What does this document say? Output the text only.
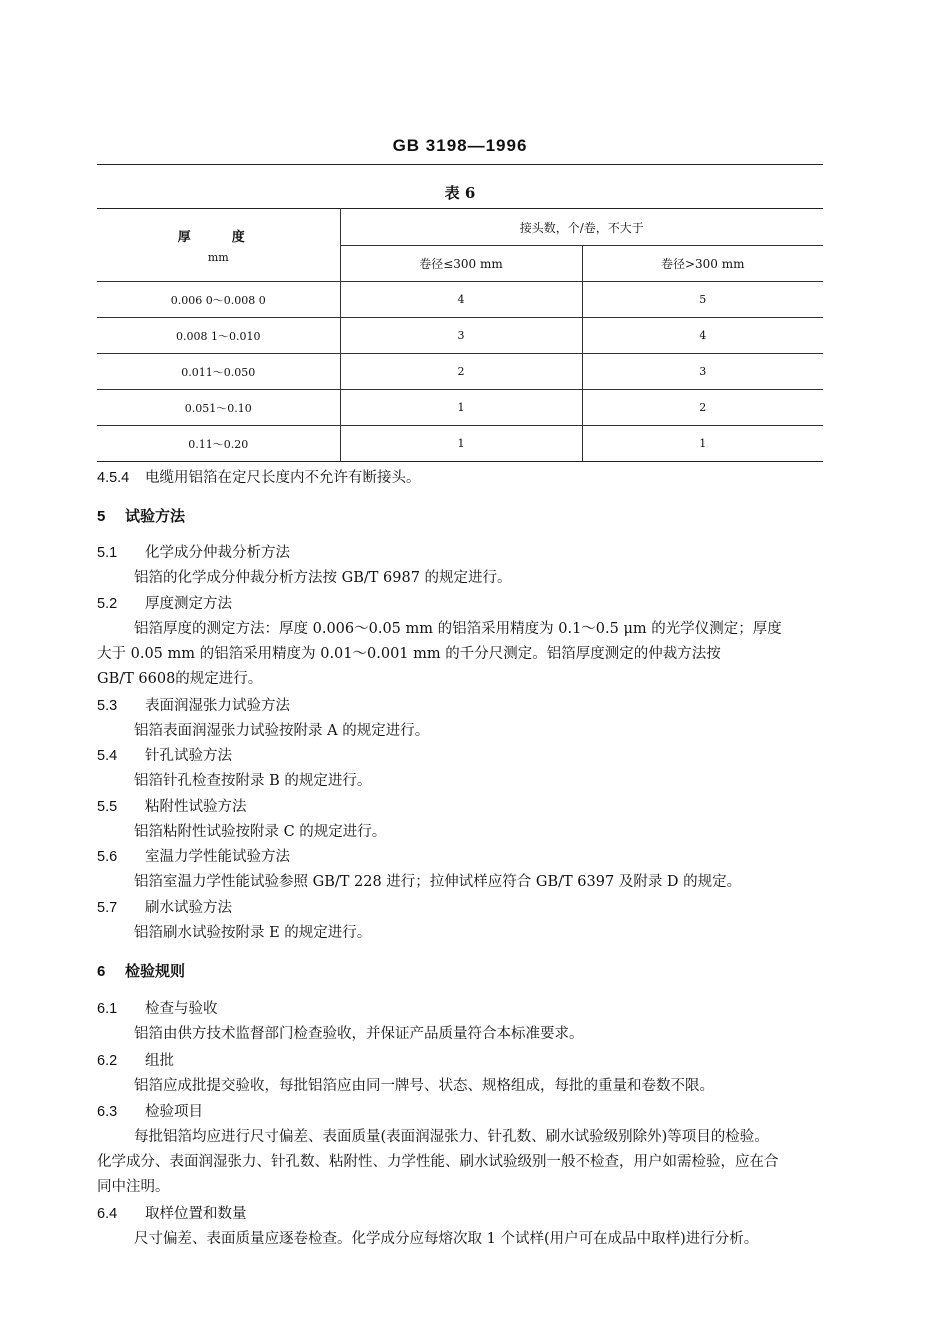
GB 3198—1996
表 6
厚　度
mm	接头数，个/卷，不大于	
	卷径≤300 mm	卷径>300 mm
0.006 0～0.008 0	4	5
0.008 1～0.010	3	4
0.011～0.050	2	3
0.051～0.10	1	2
0.11～0.20	1	1
4.5.4 电缆用铝箔在定尺长度内不允许有断接头。
5 试验方法
5.1 化学成分仲裁分析方法
铝箔的化学成分仲裁分析方法按 GB/T 6987 的规定进行。
5.2 厚度测定方法
铝箔厚度的测定方法：厚度 0.006～0.05 mm 的铝箔采用精度为 0.1～0.5 μm 的光学仪测定；厚度
大于 0.05 mm 的铝箔采用精度为 0.01～0.001 mm 的千分尺测定。铝箔厚度测定的仲裁方法按
GB/T 6608的规定进行。
5.3 表面润湿张力试验方法
铝箔表面润湿张力试验按附录 A 的规定进行。
5.4 针孔试验方法
铝箔针孔检查按附录 B 的规定进行。
5.5 粘附性试验方法
铝箔粘附性试验按附录 C 的规定进行。
5.6 室温力学性能试验方法
铝箔室温力学性能试验参照 GB/T 228 进行；拉伸试样应符合 GB/T 6397 及附录 D 的规定。
5.7 刷水试验方法
铝箔刷水试验按附录 E 的规定进行。
6 检验规则
6.1 检查与验收
铝箔由供方技术监督部门检查验收，并保证产品质量符合本标准要求。
6.2 组批
铝箔应成批提交验收，每批铝箔应由同一牌号、状态、规格组成，每批的重量和卷数不限。
6.3 检验项目
每批铝箔均应进行尺寸偏差、表面质量(表面润湿张力、针孔数、刷水试验级别除外)等项目的检验。
化学成分、表面润湿张力、针孔数、粘附性、力学性能、刷水试验级别一般不检查，用户如需检验，应在合
同中注明。
6.4 取样位置和数量
尺寸偏差、表面质量应逐卷检查。化学成分应每熔次取 1 个试样(用户可在成品中取样)进行分析。
